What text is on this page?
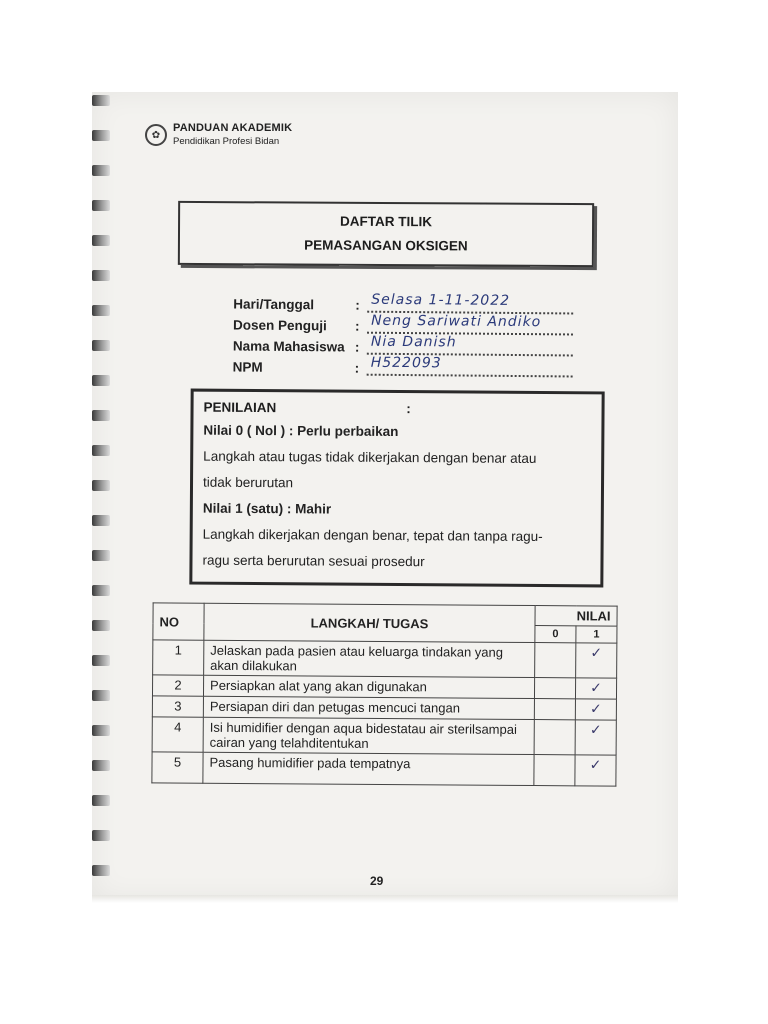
✿
PANDUAN AKADEMIK
Pendidikan Profesi Bidan
DAFTAR TILIK
PEMASANGAN OKSIGEN
Hari/Tanggal	: Selasa 1-11-2022
Dosen Penguji	: Neng Sariwati Andiko
Nama Mahasiswa : Nia Danish
NPM	: H522093
PENILAIAN	:
Nilai 0 ( Nol ) : Perlu perbaikan
Langkah atau tugas tidak dikerjakan dengan benar atau
tidak berurutan
Nilai 1 (satu) : Mahir
Langkah dikerjakan dengan benar, tepat dan tanpa ragu-
ragu serta berurutan sesuai prosedur
NO	LANGKAH/ TUGAS	NILAI	
		0	1
1	Jelaskan pada pasien atau keluarga tindakan yang akan dilakukan		✓
2	Persiapkan alat yang akan digunakan		✓
3	Persiapan diri dan petugas mencuci tangan		✓
4	Isi humidifier dengan aqua bidestatau air sterilsampai cairan yang telahditentukan		✓
5	Pasang humidifier pada tempatnya		✓
29
